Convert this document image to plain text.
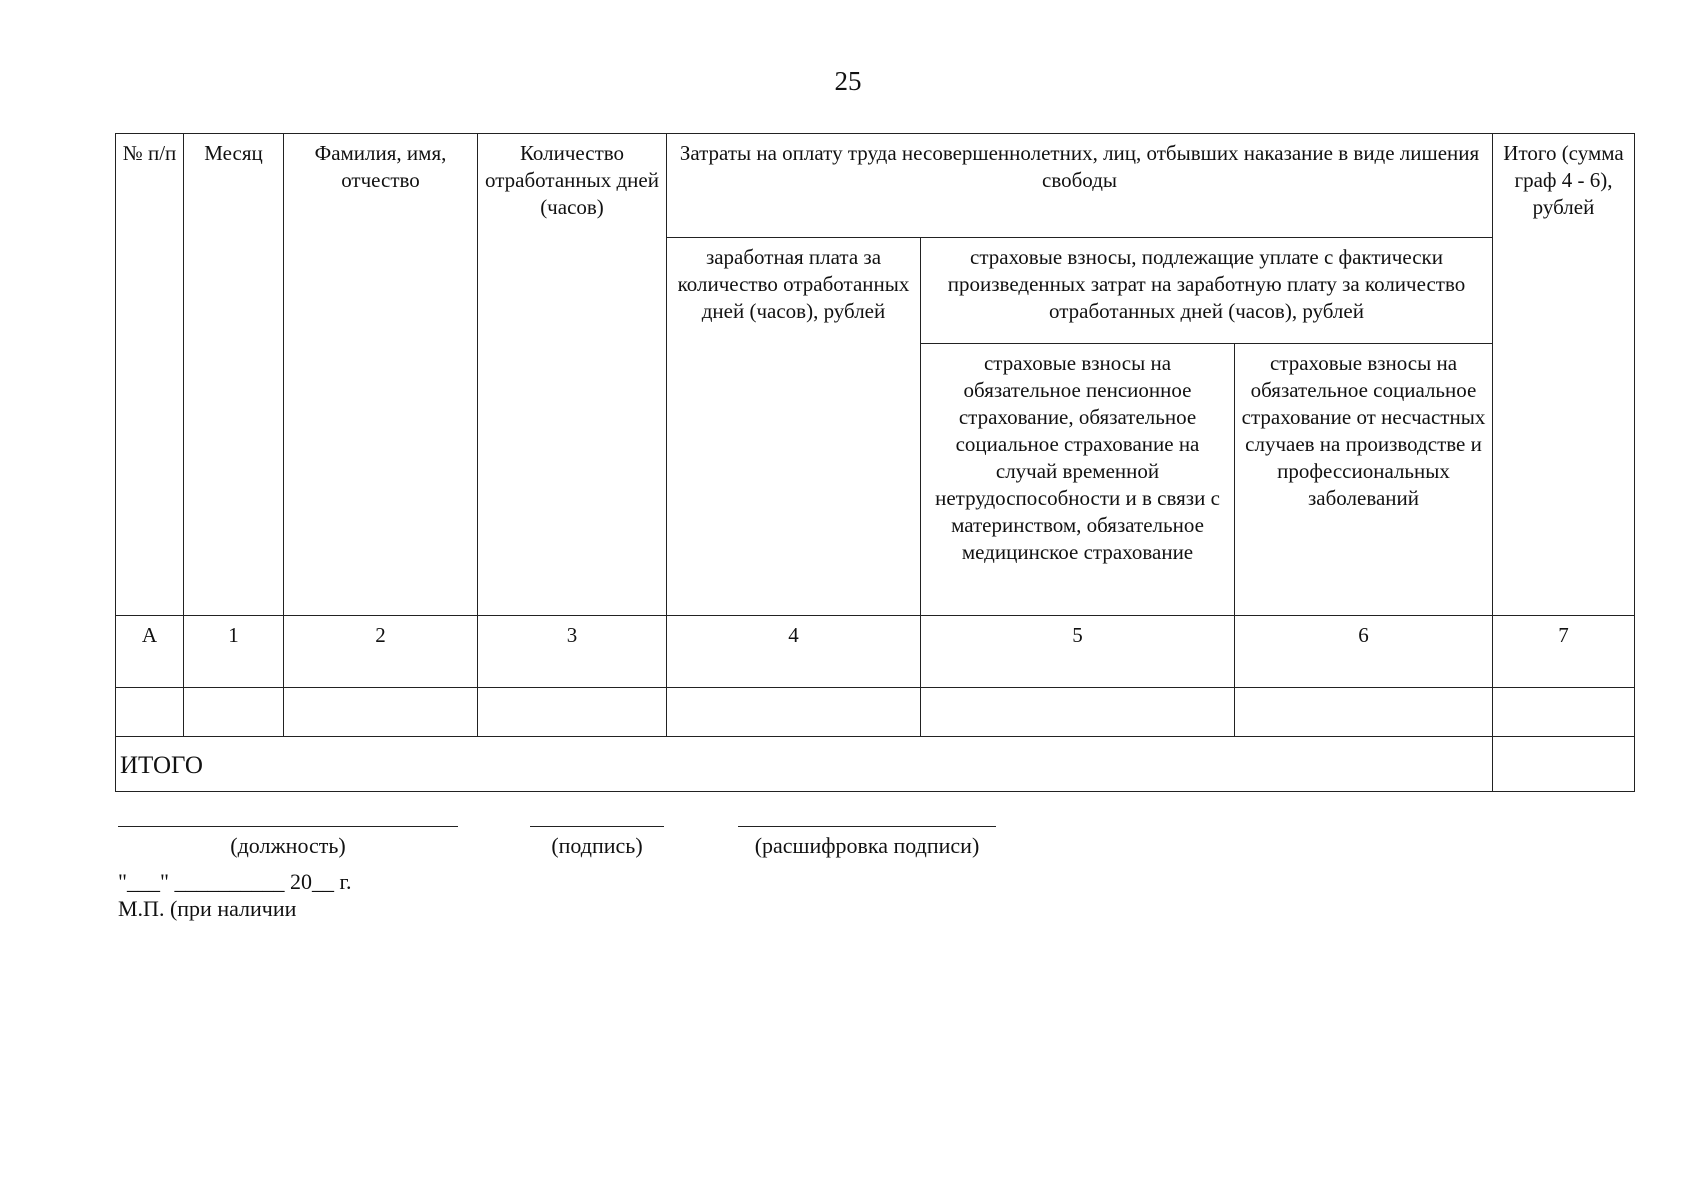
25
№ п/п	Месяц	Фамилия, имя, отчество	Количество отработанных дней (часов)	Затраты на оплату труда несовершеннолетних, лиц, отбывших наказание в виде лишения свободы			Итого (сумма граф 4 - 6), рублей
				заработная плата за количество отработанных дней (часов), рублей	страховые взносы, подлежащие уплате с фактически произведенных затрат на заработную плату за количество отработанных дней (часов), рублей		
					страховые взносы на обязательное пенсионное страхование, обязательное социальное страхование на случай временной нетрудоспособности и в связи с материнством, обязательное медицинское страхование	страховые взносы на обязательное социальное страхование от несчастных случаев на производстве и профессиональных заболеваний	
А	1	2	3	4	5	6	7

ИТОГО							
(должность)	(подпись)	(расшифровка подписи)
"___" __________ 20__ г.
М.П. (при наличии
